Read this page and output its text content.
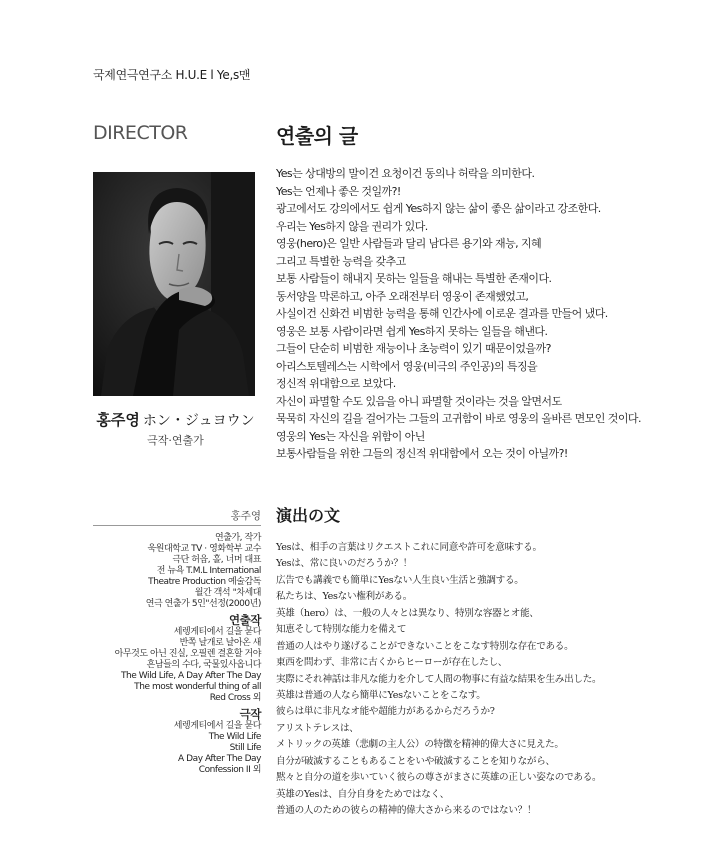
국제연극연구소 H.U.E l Ye,s맨
DIRECTOR	연출의 글
홍주영 ホン・ジュヨウン
극작·연출가
Yes는 상대방의 말이건 요청이건 동의나 허락을 의미한다.
Yes는 언제나 좋은 것일까?!
광고에서도 강의에서도 쉽게 Yes하지 않는 삶이 좋은 삶이라고 강조한다.
우리는 Yes하지 않을 권리가 있다.
영웅(hero)은 일반 사람들과 달리 남다른 용기와 재능, 지혜
그리고 특별한 능력을 갖추고
보통 사람들이 해내지 못하는 일들을 해내는 특별한 존재이다.
동서양을 막론하고, 아주 오래전부터 영웅이 존재했었고,
사실이건 신화건 비범한 능력을 통해 인간사에 이로운 결과를 만들어 냈다.
영웅은 보통 사람이라면 쉽게 Yes하지 못하는 일들을 해낸다.
그들이 단순히 비범한 재능이나 초능력이 있기 때문이었을까?
아리스토텔레스는 시학에서 영웅(비극의 주인공)의 특징을
정신적 위대함으로 보았다.
자신이 파멸할 수도 있음을 아니 파멸할 것이라는 것을 알면서도
묵묵히 자신의 길을 걸어가는 그들의 고귀함이 바로 영웅의 올바른 면모인 것이다.
영웅의 Yes는 자신을 위함이 아닌
보통사람들을 위한 그들의 정신적 위대함에서 오는 것이 아닐까?!
홍주영 演出の文
연출가, 작가
욱원대학교 TV · 영화학부 교수
극단 허읍, 홀, 너머 대표
전 뉴욕 T.M.L International
Theatre Production 예술감독
월간 객석 "차세대
연극 연출가 5인"선정(2000년)
연출작
세렝게티에서 길을 묻다
반쪽 날개로 날아온 새
아무것도 아닌 진실, 오필렌 결혼할 거야
흔남들의 수다, 국물있사옵니다
The Wild Life, A Day After The Day
The most wonderful thing of all
Red Cross 외
극작
세렝게티에서 길을 묻다
The Wild Life
Still Life
A Day After The Day
Confession II 외
Yesは、相手の言葉はリクエストこれに同意や許可を意味する。
Yesは、常に良いのだろうか？！
広告でも講義でも簡単にYesない人生良い生活と強調する。
私たちは、Yesない権利がある。
英雄（hero）は、一般の人々とは異なり、特別な容器とオ能、
知恵そして特別な能力を備えて
普通の人はやり遂げることができないことをこなす特別な存在である。
東西を問わず、非常に古くからヒーローが存在したし、
実際にそれ神話は非凡な能力を介して人間の物事に有益な結果を生み出した。
英雄は普通の人なら簡単にYesないことをこなす。
彼らは単に非凡なオ能や超能力があるからだろうか?
アリストテレスは、
メトリックの英雄（悲劇の主人公）の特徴を精神的偉大さに見えた。
自分が破滅することもあることをいや破滅することを知りながら、
黙々と自分の道を歩いていく彼らの尊さがまさに英雄の正しい姿なのである。
英雄のYesは、自分自身をためではなく、
普通の人のための彼らの精神的偉大さから来るのではない？！
